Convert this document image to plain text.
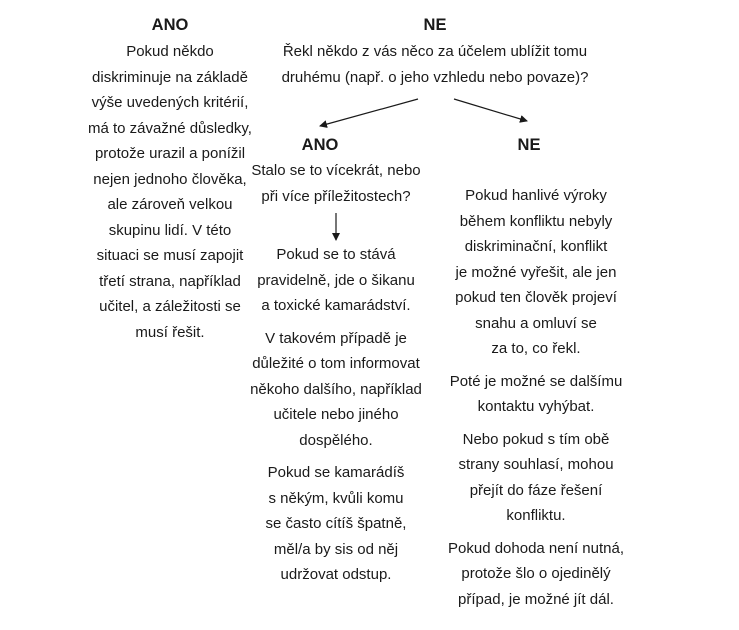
ANO
Pokud někdo
diskriminuje na základě
výše uvedených kritérií,
má to závažné důsledky,
protože urazil a ponížil
nejen jednoho člověka,
ale zároveň velkou
skupinu lidí. V této
situaci se musí zapojit
třetí strana, například
učitel, a záležitosti se
musí řešit.
NE
Řekl někdo z vás něco za účelem ublížit tomu
druhému (např. o jeho vzhledu nebo povaze)?
ANO
Stalo se to vícekrát, nebo
při více příležitostech?
Pokud se to stává
pravidelně, jde o šikanu
a toxické kamarádství.
V takovém případě je
důležité o tom informovat
někoho dalšího, například
učitele nebo jiného
dospělého.
Pokud se kamarádíš
s někým, kvůli komu
se často cítíš špatně,
měl/a by sis od něj
udržovat odstup.
NE
Pokud hanlivé výroky
během konfliktu nebyly
diskriminační, konflikt
je možné vyřešit, ale jen
pokud ten člověk projeví
snahu a omluví se
za to, co řekl.
Poté je možné se dalšímu
kontaktu vyhýbat.
Nebo pokud s tím obě
strany souhlasí, mohou
přejít do fáze řešení
konfliktu.
Pokud dohoda není nutná,
protože šlo o ojedinělý
případ, je možné jít dál.
